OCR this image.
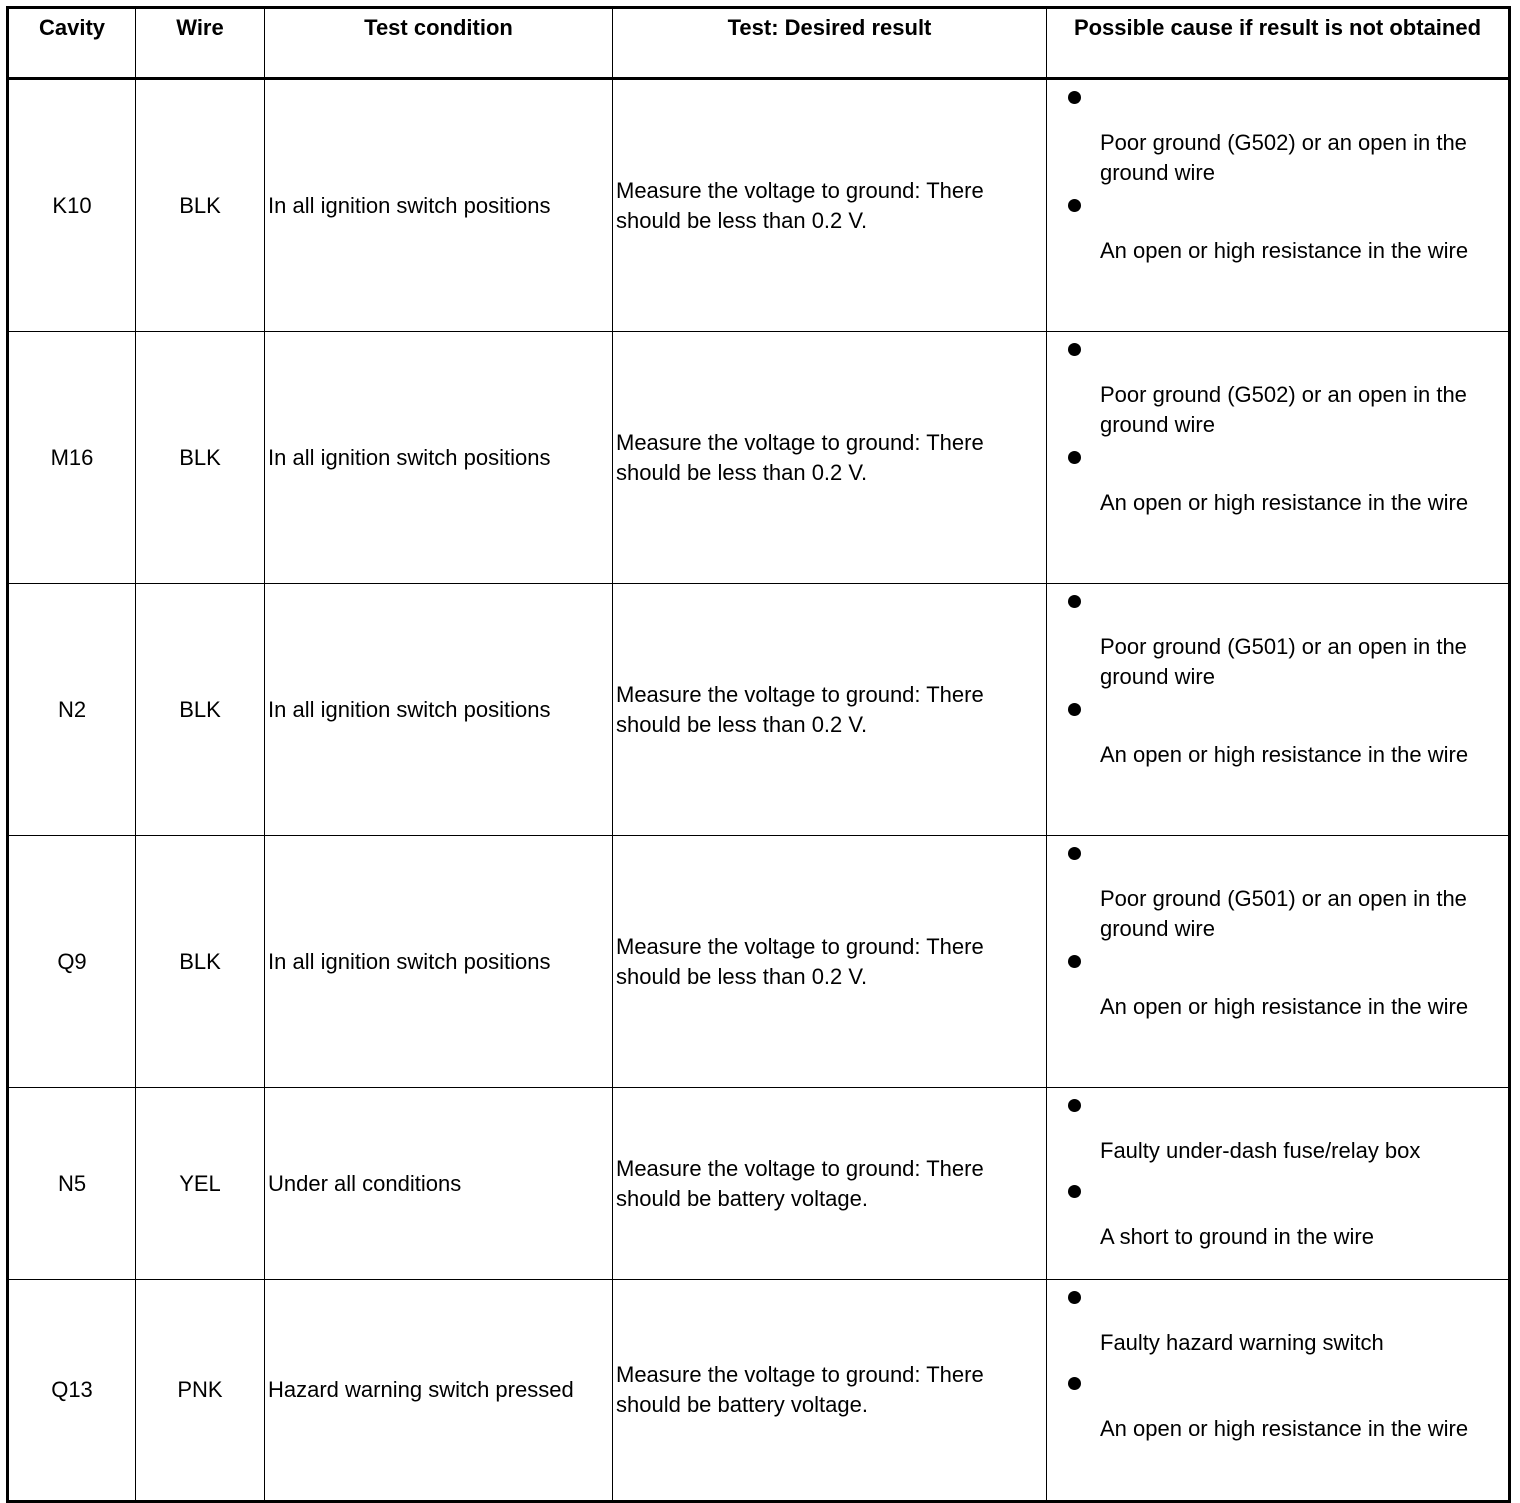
Cavity	Wire	Test condition	Test: Desired result	Possible cause if result is not obtained
K10	BLK	In all ignition switch positions	Measure the voltage to ground: There should be less than 0.2 V.	Poor ground (G502) or an open in the ground wire
An open or high resistance in the wire

M16	BLK	In all ignition switch positions	Measure the voltage to ground: There should be less than 0.2 V.	Poor ground (G502) or an open in the ground wire
An open or high resistance in the wire

N2	BLK	In all ignition switch positions	Measure the voltage to ground: There should be less than 0.2 V.	Poor ground (G501) or an open in the ground wire
An open or high resistance in the wire

Q9	BLK	In all ignition switch positions	Measure the voltage to ground: There should be less than 0.2 V.	Poor ground (G501) or an open in the ground wire
An open or high resistance in the wire

N5	YEL	Under all conditions	Measure the voltage to ground: There should be battery voltage.	Faulty under-dash fuse/relay box
A short to ground in the wire

Q13	PNK	Hazard warning switch pressed	Measure the voltage to ground: There should be battery voltage.	Faulty hazard warning switch
An open or high resistance in the wire
